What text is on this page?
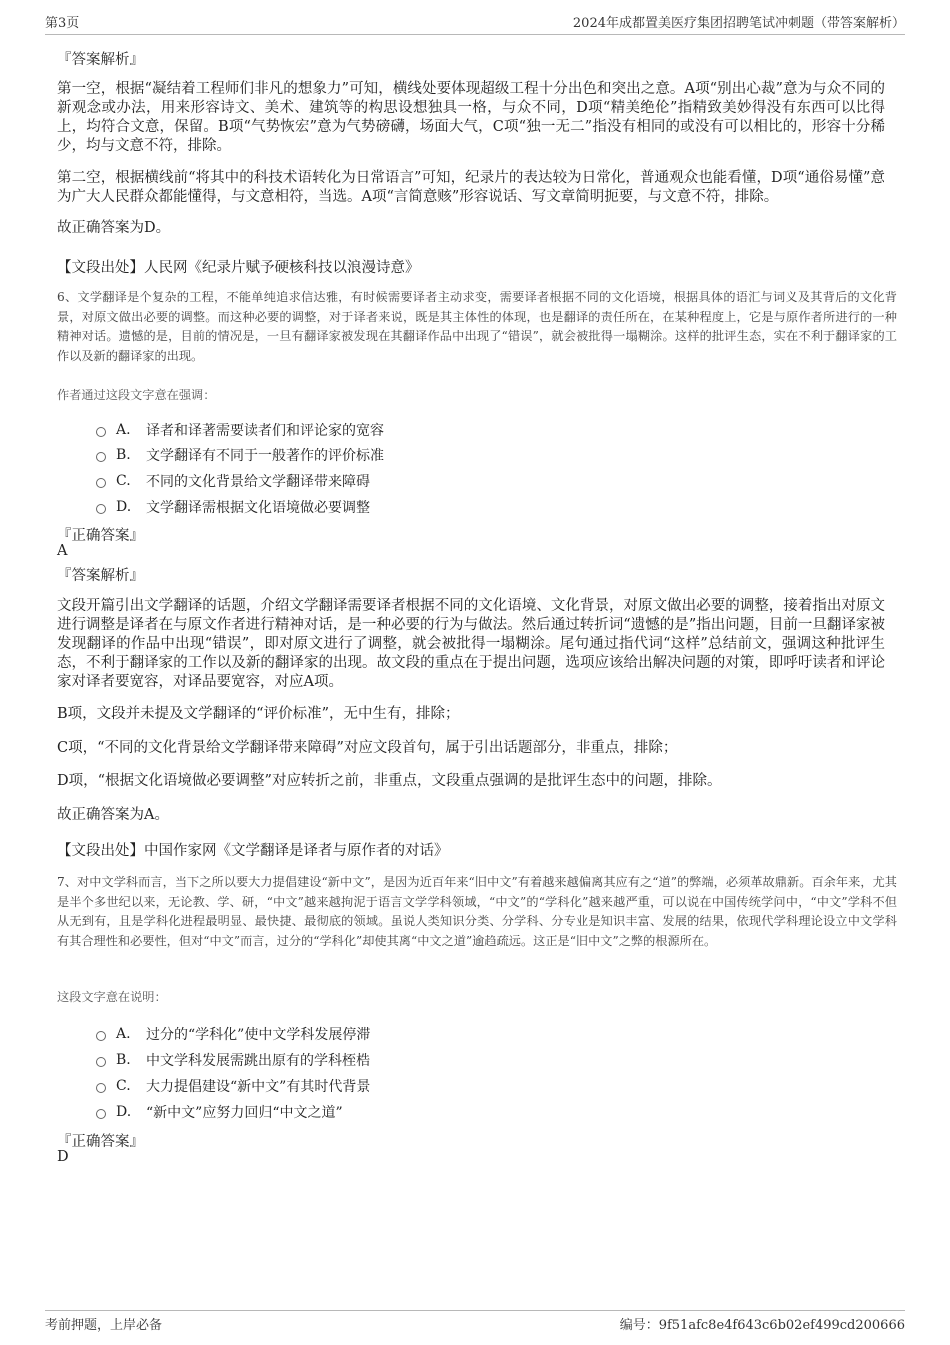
第3页	2024年成都置美医疗集团招聘笔试冲刺题（带答案解析）
『答案解析』
第一空，根据“凝结着工程师们非凡的想象力”可知，横线处要体现超级工程十分出色和突出之意。A项“别出心裁”意为与众不同的新观念或办法，用来形容诗文、美术、建筑等的构思设想独具一格，与众不同，D项“精美绝伦”指精致美妙得没有东西可以比得上，均符合文意，保留。B项“气势恢宏”意为气势磅礴，场面大气，C项“独一无二”指没有相同的或没有可以相比的，形容十分稀少，均与文意不符，排除。
第二空，根据横线前“将其中的科技术语转化为日常语言”可知，纪录片的表达较为日常化，普通观众也能看懂，D项“通俗易懂”意为广大人民群众都能懂得，与文意相符，当选。A项“言简意赅”形容说话、写文章简明扼要，与文意不符，排除。
故正确答案为D。
【文段出处】人民网《纪录片赋予硬核科技以浪漫诗意》
6、文学翻译是个复杂的工程，不能单纯追求信达雅，有时候需要译者主动求变，需要译者根据不同的文化语境，根据具体的语汇与词义及其背后的文化背景，对原文做出必要的调整。而这种必要的调整，对于译者来说，既是其主体性的体现，也是翻译的责任所在，在某种程度上，它是与原作者所进行的一种精神对话。遗憾的是，目前的情况是，一旦有翻译家被发现在其翻译作品中出现了“错误”，就会被批得一塌糊涂。这样的批评生态，实在不利于翻译家的工作以及新的翻译家的出现。
作者通过这段文字意在强调：
A.	译者和译著需要读者们和评论家的宽容
B.	文学翻译有不同于一般著作的评价标准
C.	不同的文化背景给文学翻译带来障碍
D.	文学翻译需根据文化语境做必要调整
『正确答案』
A
『答案解析』
文段开篇引出文学翻译的话题，介绍文学翻译需要译者根据不同的文化语境、文化背景，对原文做出必要的调整，接着指出对原文进行调整是译者在与原文作者进行精神对话，是一种必要的行为与做法。然后通过转折词“遗憾的是”指出问题，目前一旦翻译家被发现翻译的作品中出现“错误”，即对原文进行了调整，就会被批得一塌糊涂。尾句通过指代词“这样”总结前文，强调这种批评生态，不利于翻译家的工作以及新的翻译家的出现。故文段的重点在于提出问题，选项应该给出解决问题的对策，即呼吁读者和评论家对译者要宽容，对译品要宽容，对应A项。
B项，文段并未提及文学翻译的“评价标准”，无中生有，排除；
C项，“不同的文化背景给文学翻译带来障碍”对应文段首句，属于引出话题部分，非重点，排除；
D项，“根据文化语境做必要调整”对应转折之前，非重点，文段重点强调的是批评生态中的问题，排除。
故正确答案为A。
【文段出处】中国作家网《文学翻译是译者与原作者的对话》
7、对中文学科而言，当下之所以要大力提倡建设“新中文”，是因为近百年来“旧中文”有着越来越偏离其应有之“道”的弊端，必须革故鼎新。百余年来，尤其是半个多世纪以来，无论教、学、研，“中文”越来越拘泥于语言文学学科领域，“中文”的“学科化”越来越严重，可以说在中国传统学问中，“中文”学科不但从无到有，且是学科化进程最明显、最快捷、最彻底的领域。虽说人类知识分类、分学科、分专业是知识丰富、发展的结果，依现代学科理论设立中文学科有其合理性和必要性，但对“中文”而言，过分的“学科化”却使其离“中文之道”逾趋疏远。这正是“旧中文”之弊的根源所在。
这段文字意在说明：
A.	过分的“学科化”使中文学科发展停滞
B.	中文学科发展需跳出原有的学科桎梏
C.	大力提倡建设“新中文”有其时代背景
D.	“新中文”应努力回归“中文之道”
『正确答案』
D
考前押题，上岸必备	编号：9f51afc8e4f643c6b02ef499cd200666
